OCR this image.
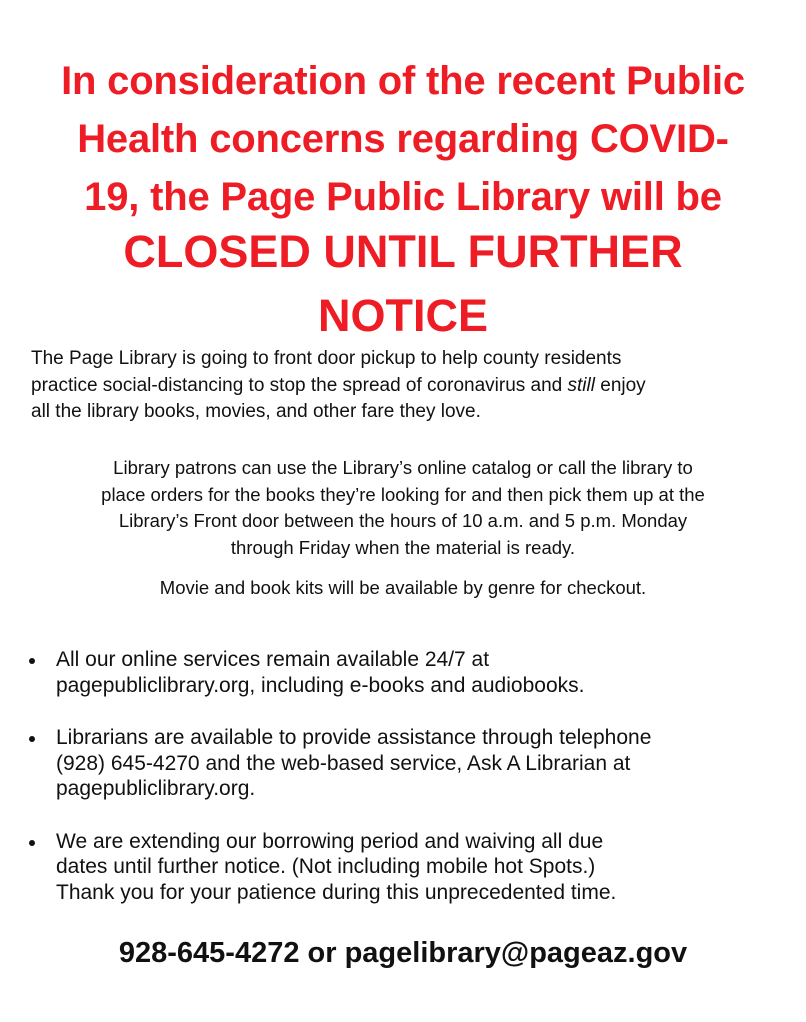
In consideration of the recent Public
Health concerns regarding COVID-
19, the Page Public Library will be
CLOSED UNTIL FURTHER
NOTICE
The Page Library is going to front door pickup to help county residents
practice social-distancing to stop the spread of coronavirus and still enjoy
all the library books, movies, and other fare they love.
Library patrons can use the Library’s online catalog or call the library to
place orders for the books they’re looking for and then pick them up at the
Library’s Front door between the hours of 10 a.m. and 5 p.m. Monday
through Friday when the material is ready.
Movie and book kits will be available by genre for checkout.
All our online services remain available 24/7 at
pagepubliclibrary.org, including e-books and audiobooks.
Librarians are available to provide assistance through telephone
(928) 645-4270 and the web-based service, Ask A Librarian at
pagepubliclibrary.org.
We are extending our borrowing period and waiving all due
dates until further notice. (Not including mobile hot Spots.)
Thank you for your patience during this unprecedented time.
928-645-4272 or pagelibrary@pageaz.gov
